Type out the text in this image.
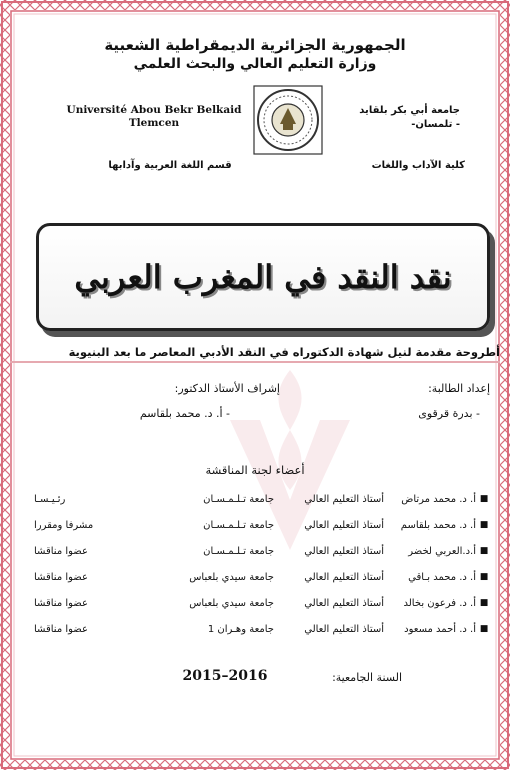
الجمهورية الجزائرية الديمقراطية الشعبية
وزارة التعليم العالي والبحث العلمي
Université Abou Bekr Belkaid
Tlemcen
جامعة أبي بكر بلقايد
- تلمسان-
قسم اللغة العربية وآدابها	كلية الآداب واللغات
نقد النقد في المغرب العربي
أطروحة مقدمة لنيل شهادة الدكتوراه في النقد الأدبي المعاصر ما بعد البنيوية
إعداد الطالبة:
إشراف الأستاذ الدكتور:
- بدرة قرقوى
- أ. د. محمد بلقاسم
أعضاء لجنة المناقشة
■
أ. د. محمد مرتاض
أستاذ التعليم العالي
جامعة تـلـمـسـان
رئـيـسـا
■
أ. د. محمد بلقاسم
أستاذ التعليم العالي
جامعة تـلـمـسـان
مشرفا ومقررا
■
أ.د.العربي لخضر
أستاذ التعليم العالي
جامعة تـلـمـسـان
عضوا مناقشا
■
أ. د. محمد بـاقي
أستاذ التعليم العالي
جامعة سيدي بلعباس
عضوا مناقشا
■
أ. د. فرعون بخالد
أستاذ التعليم العالي
جامعة سيدي بلعباس
عضوا مناقشا
■
أ. د. أحمد مسعود
أستاذ التعليم العالي
جامعة وهـران 1
عضوا مناقشا
السنة الجامعية:
2015–2016
